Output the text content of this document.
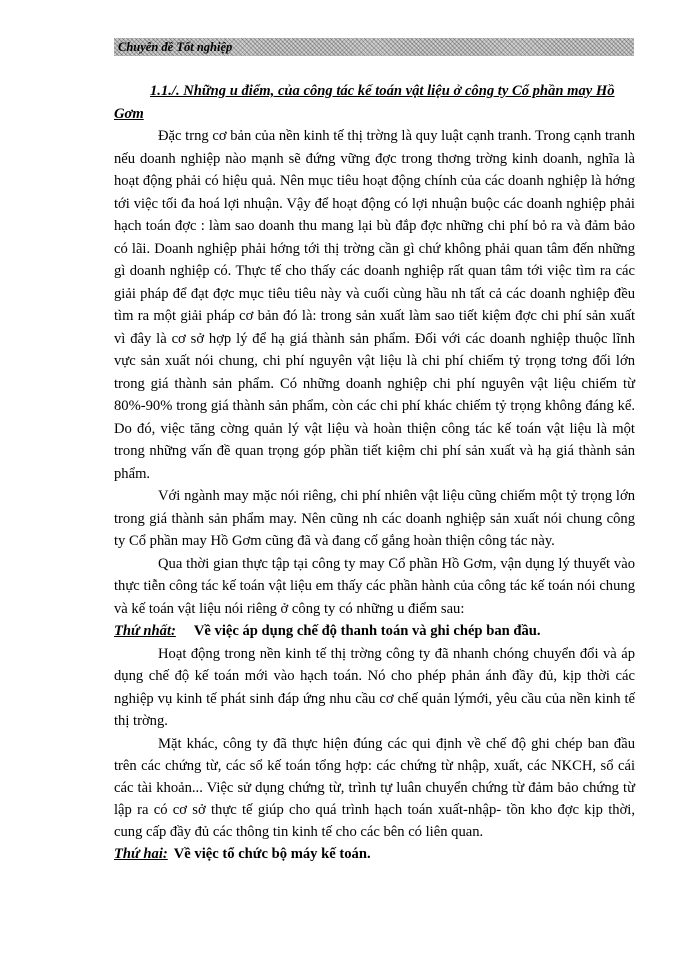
Chuyên đề Tốt nghiệp

1.1./. Những u điểm, của công tác kế toán vật liệu ở công ty Cổ phần may Hồ Gơm

Đặc trng cơ bản của nền kinh tế thị trờng là quy luật cạnh tranh. Trong cạnh tranh nếu doanh nghiệp nào mạnh sẽ đứng vững đợc trong thơng trờng kinh doanh, nghĩa là hoạt động phải có hiệu quả. Nên mục tiêu hoạt động chính của các doanh nghiệp là hớng tới việc tối đa hoá lợi nhuận. Vậy để hoạt động có lợi nhuận buộc các doanh nghiệp phải hạch toán đợc : làm sao doanh thu mang lại bù đắp đợc những chi phí bỏ ra và đảm bảo có lãi. Doanh nghiệp phải hớng tới thị trờng cần gì chứ không phải quan tâm đến những gì doanh nghiệp có. Thực tế cho thấy các doanh nghiệp rất quan tâm tới việc tìm ra các giải pháp để đạt đợc mục tiêu tiêu này và cuối cùng hầu nh tất cả các doanh nghiệp đều tìm ra một giải pháp cơ bản đó là: trong sản xuất làm sao tiết kiệm đợc chi phí sản xuất vì đây là cơ sở hợp lý để hạ giá thành sản phẩm. Đối với các doanh nghiệp thuộc lĩnh vực sản xuất nói chung, chi phí nguyên vật liệu là chi phí chiếm tỷ trọng tơng đối lớn trong giá thành sản phẩm. Có những doanh nghiệp chi phí nguyên vật liệu chiếm từ 80%-90% trong giá thành sản phẩm, còn các chi phí khác chiếm tỷ trọng không đáng kể. Do đó, việc tăng cờng quản lý vật liệu và hoàn thiện công tác kế toán vật liệu là một trong những vấn đề quan trọng góp phần tiết kiệm chi phí sản xuất và hạ giá thành sản phẩm.

Với ngành may mặc nói riêng, chi phí nhiên vật liệu cũng chiếm một tỷ trọng lớn trong giá thành sản phẩm may. Nên cũng nh các doanh nghiệp sản xuất nói chung công ty Cổ phần may Hồ Gơm cũng đã và đang cố gắng hoàn thiện công tác này.

Qua thời gian thực tập tại công ty may Cổ phần Hồ Gơm, vận dụng lý thuyết vào thực tiễn công tác kế toán vật liệu em thấy các phần hành của công tác kế toán nói chung và kế toán vật liệu nói riêng ở công ty có những u điểm sau:

Thứ nhất: Về việc áp dụng chế độ thanh toán và ghi chép ban đầu.

Hoạt động trong nền kinh tế thị trờng công ty đã nhanh chóng chuyển đổi và áp dụng chế độ kế toán mới vào hạch toán. Nó cho phép phản ánh đầy đủ, kịp thời các nghiệp vụ kinh tế phát sinh đáp ứng nhu cầu cơ chế quản lýmới, yêu cầu của nền kinh tế thị trờng.

Mặt khác, công ty đã thực hiện đúng các qui định về chế độ ghi chép ban đầu trên các chứng từ, các sổ kế toán tổng hợp: các chứng từ nhập, xuất, các NKCH, sổ cái các tài khoản... Việc sử dụng chứng từ, trình tự luân chuyển chứng từ đảm bảo chứng từ lập ra có cơ sở thực tế giúp cho quá trình hạch toán xuất-nhập- tồn kho đợc kịp thời, cung cấp đầy đủ các thông tin kinh tế cho các bên có liên quan.

Thứ hai: Về việc tổ chức bộ máy kế toán.
